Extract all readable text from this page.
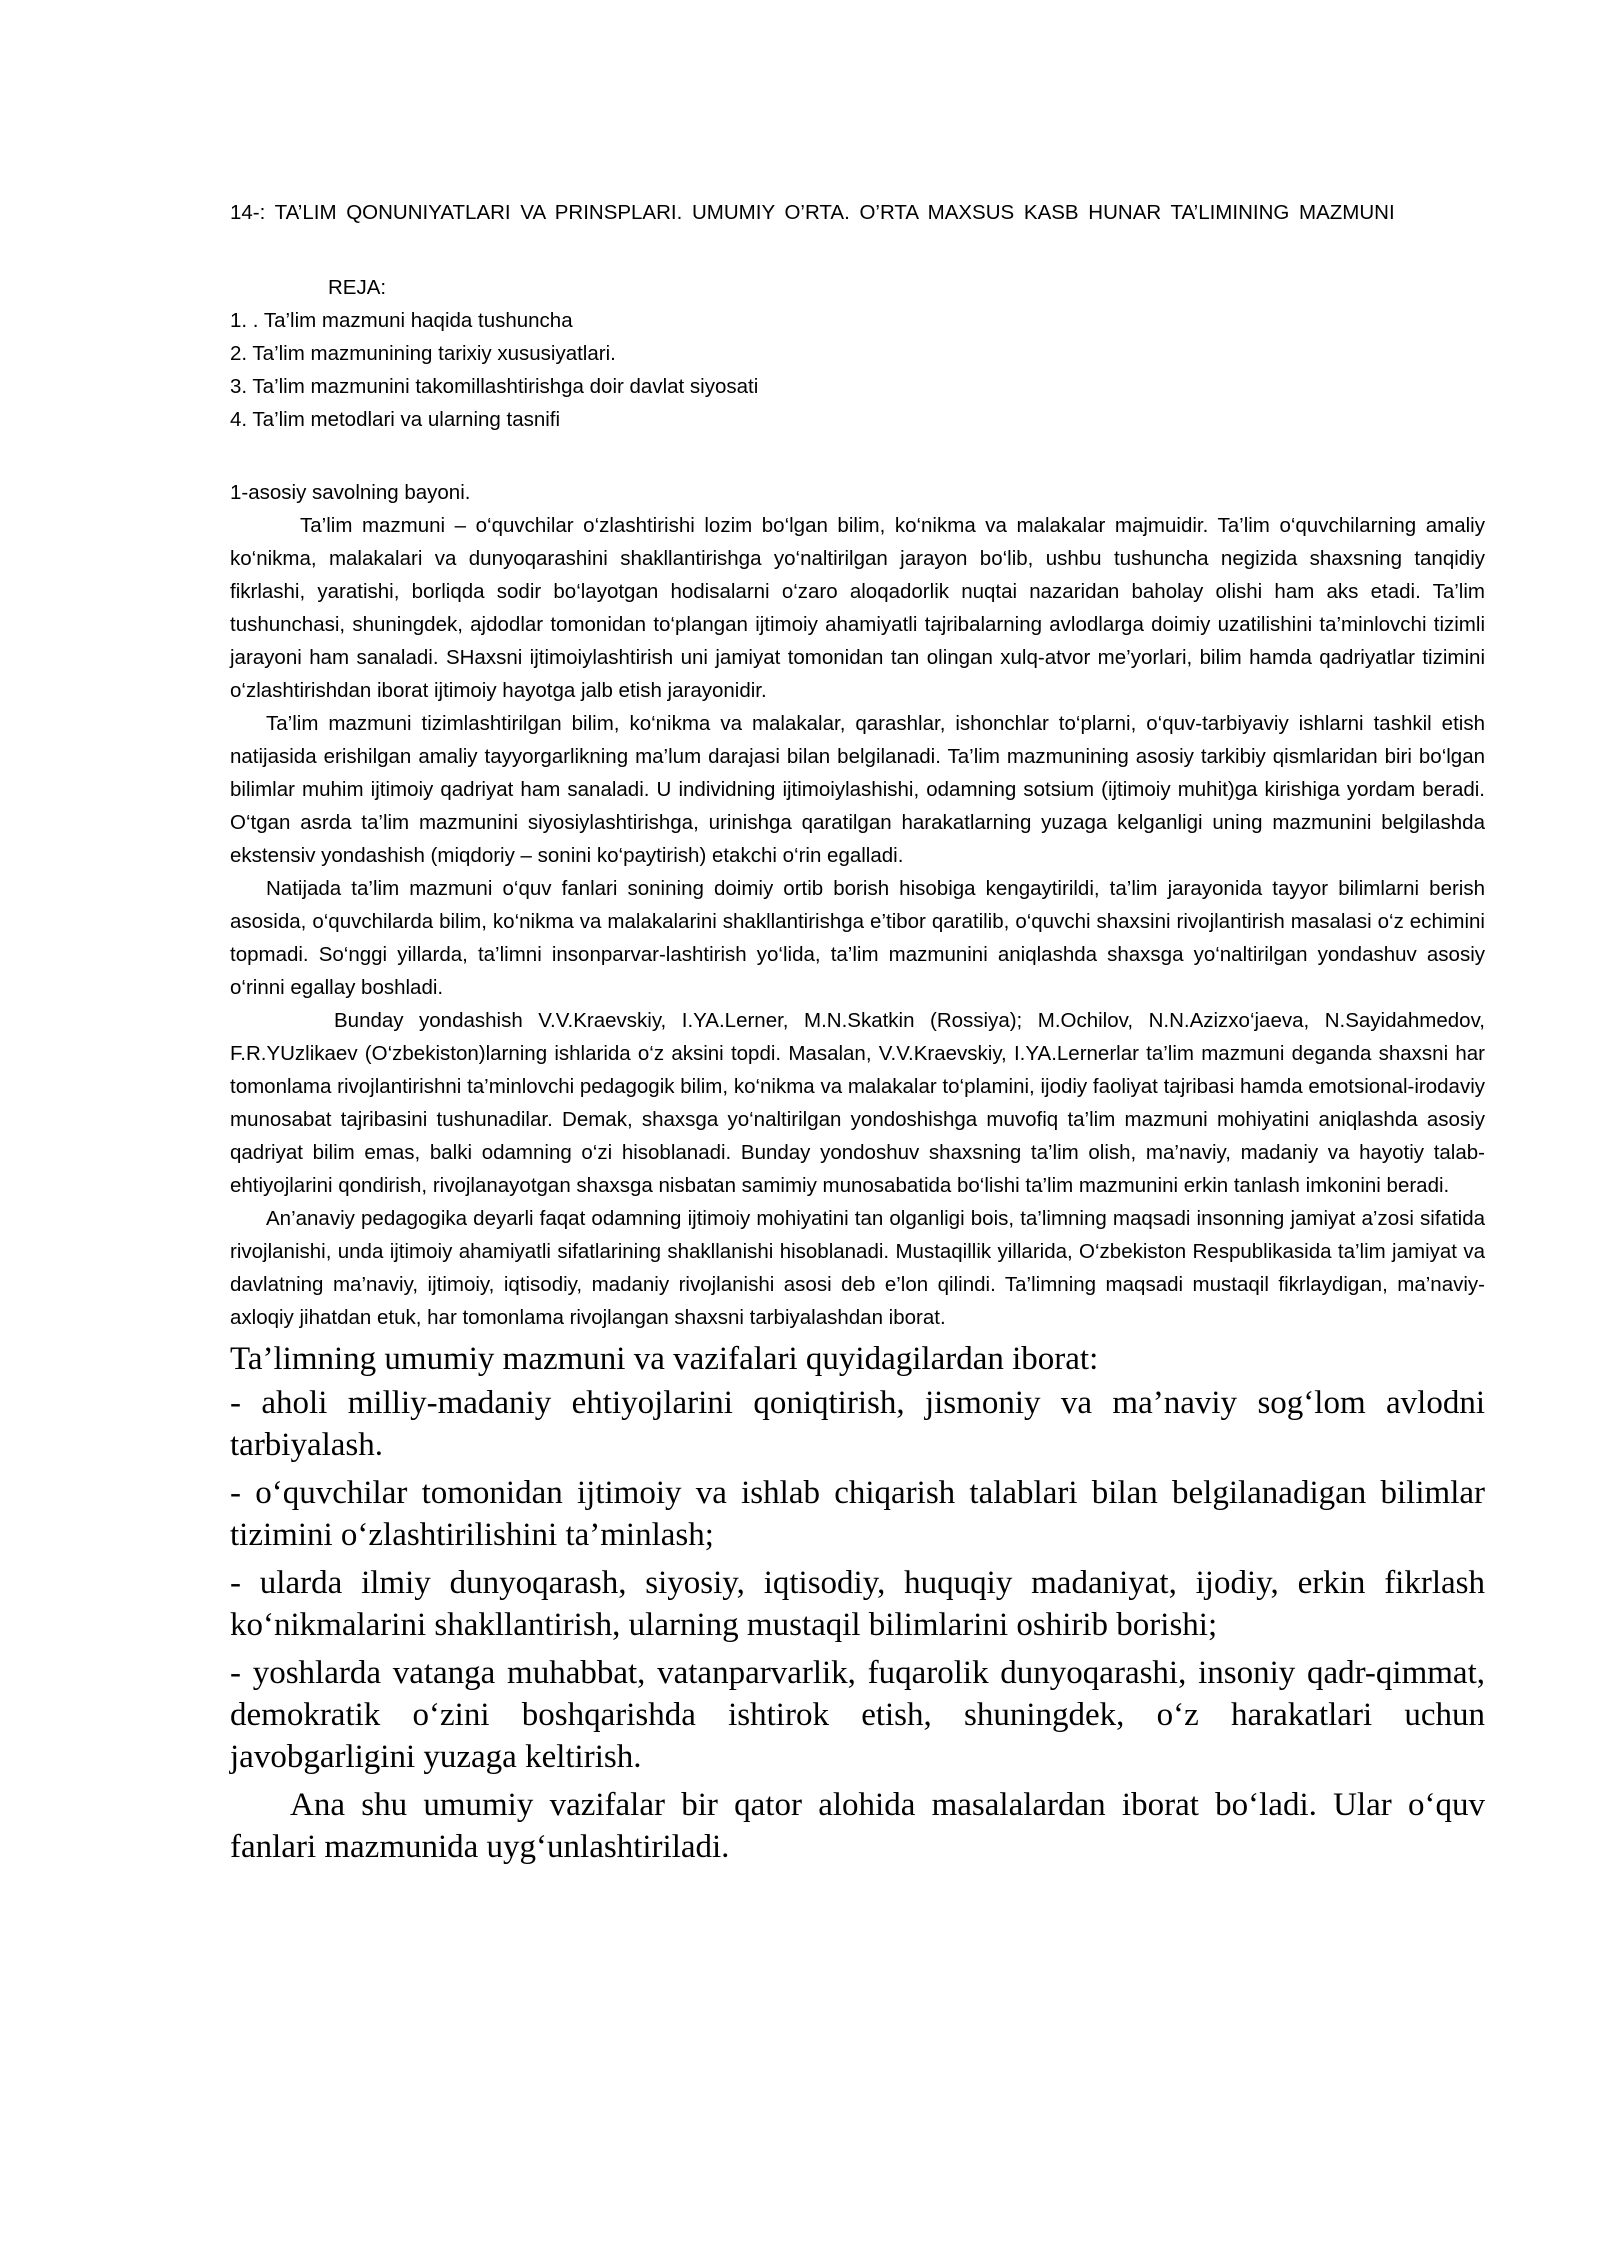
14-: TA’LIM QONUNIYATLARI VA PRINSPLARI. UMUMIY O’RTA. O’RTA MAXSUS KASB HUNAR TA’LIMINING MAZMUNI

REJA:

1. . Ta’lim mazmuni haqida tushuncha
2. Ta’lim mazmunining tarixiy xususiyatlari.
3. Ta’lim mazmunini takomillashtirishga doir davlat siyosati
4. Ta’lim metodlari va ularning tasnifi

1-asosiy savolning bayoni.

Ta’lim mazmuni – o‘quvchilar o‘zlashtirishi lozim bo‘lgan bilim, ko‘nikma va malakalar majmuidir. Ta’lim o‘quvchilarning amaliy ko‘nikma, malakalari va dunyoqarashini shakllantirishga yo‘naltirilgan jarayon bo‘lib, ushbu tushuncha negizida shaxsning tanqidiy fikrlashi, yaratishi, borliqda sodir bo‘layotgan hodisalarni o‘zaro aloqadorlik nuqtai nazaridan baholay olishi ham aks etadi. Ta’lim tushunchasi, shuningdek, ajdodlar tomonidan to‘plangan ijtimoiy ahamiyatli tajribalarning avlodlarga doimiy uzatilishini ta’minlovchi tizimli jarayoni ham sanaladi. SHaxsni ijtimoiylashtirish uni jamiyat tomonidan tan olingan xulq-atvor me’yorlari, bilim hamda qadriyatlar tizimini o‘zlashtirishdan iborat ijtimoiy hayotga jalb etish jarayonidir.

Ta’lim mazmuni tizimlashtirilgan bilim, ko‘nikma va malakalar, qarashlar, ishonchlar to‘plarni, o‘quv-tarbiyaviy ishlarni tashkil etish natijasida erishilgan amaliy tayyorgarlikning ma’lum darajasi bilan belgilanadi. Ta’lim mazmunining asosiy tarkibiy qismlaridan biri bo‘lgan bilimlar muhim ijtimoiy qadriyat ham sanaladi. U individning ijtimoiylashishi, odamning sotsium (ijtimoiy muhit)ga kirishiga yordam beradi. O‘tgan asrda ta’lim mazmunini siyosiylashtirishga, urinishga qaratilgan harakatlarning yuzaga kelganligi uning mazmunini belgilashda ekstensiv yondashish (miqdoriy – sonini ko‘paytirish) etakchi o‘rin egalladi.

Natijada ta’lim mazmuni o‘quv fanlari sonining doimiy ortib borish hisobiga kengaytirildi, ta’lim jarayonida tayyor bilimlarni berish asosida, o‘quvchilarda bilim, ko‘nikma va malakalarini shakllantirishga e’tibor qaratilib, o‘quvchi shaxsini rivojlantirish masalasi o‘z echimini topmadi. So‘nggi yillarda, ta’limni insonparvar-lashtirish yo‘lida, ta’lim mazmunini aniqlashda shaxsga yo‘naltirilgan yondashuv asosiy o‘rinni egallay boshladi.

Bunday yondashish V.V.Kraevskiy, I.YA.Lerner, M.N.Skatkin (Rossiya); M.Ochilov, N.N.Azizxo‘jaeva, N.Sayidahmedov, F.R.YUzlikaev (O‘zbekiston)larning ishlarida o‘z aksini topdi. Masalan, V.V.Kraevskiy, I.YA.Lernerlar ta’lim mazmuni deganda shaxsni har tomonlama rivojlantirishni ta’minlovchi pedagogik bilim, ko‘nikma va malakalar to‘plamini, ijodiy faoliyat tajribasi hamda emotsional-irodaviy munosabat tajribasini tushunadilar. Demak, shaxsga yo‘naltirilgan yondoshishga muvofiq ta’lim mazmuni mohiyatini aniqlashda asosiy qadriyat bilim emas, balki odamning o‘zi hisoblanadi. Bunday yondoshuv shaxsning ta’lim olish, ma’naviy, madaniy va hayotiy talab-ehtiyojlarini qondirish, rivojlanayotgan shaxsga nisbatan samimiy munosabatida bo‘lishi ta’lim mazmunini erkin tanlash imkonini beradi.

An’anaviy pedagogika deyarli faqat odamning ijtimoiy mohiyatini tan olganligi bois, ta’limning maqsadi insonning jamiyat a’zosi sifatida rivojlanishi, unda ijtimoiy ahamiyatli sifatlarining shakllanishi hisoblanadi. Mustaqillik yillarida, O‘zbekiston Respublikasida ta’lim jamiyat va davlatning ma’naviy, ijtimoiy, iqtisodiy, madaniy rivojlanishi asosi deb e’lon qilindi. Ta’limning maqsadi mustaqil fikrlaydigan, ma’naviy-axloqiy jihatdan etuk, har tomonlama rivojlangan shaxsni tarbiyalashdan iborat.

Ta’limning umumiy mazmuni va vazifalari quyidagilardan iborat:

- aholi milliy-madaniy ehtiyojlarini qoniqtirish, jismoniy va ma’naviy sog‘lom avlodni tarbiyalash.

- o‘quvchilar tomonidan ijtimoiy va ishlab chiqarish talablari bilan belgilanadigan bilimlar tizimini o‘zlashtirilishini ta’minlash;

- ularda ilmiy dunyoqarash, siyosiy, iqtisodiy, huquqiy madaniyat, ijodiy, erkin fikrlash ko‘nikmalarini shakllantirish, ularning mustaqil bilimlarini oshirib borishi;

- yoshlarda vatanga muhabbat, vatanparvarlik, fuqarolik dunyoqarashi, insoniy qadr-qimmat, demokratik o‘zini boshqarishda ishtirok etish, shuningdek, o‘z harakatlari uchun javobgarligini yuzaga keltirish.

Ana shu umumiy vazifalar bir qator alohida masalalardan iborat bo‘ladi. Ular o‘quv fanlari mazmunida uyg‘unlashtiriladi.
